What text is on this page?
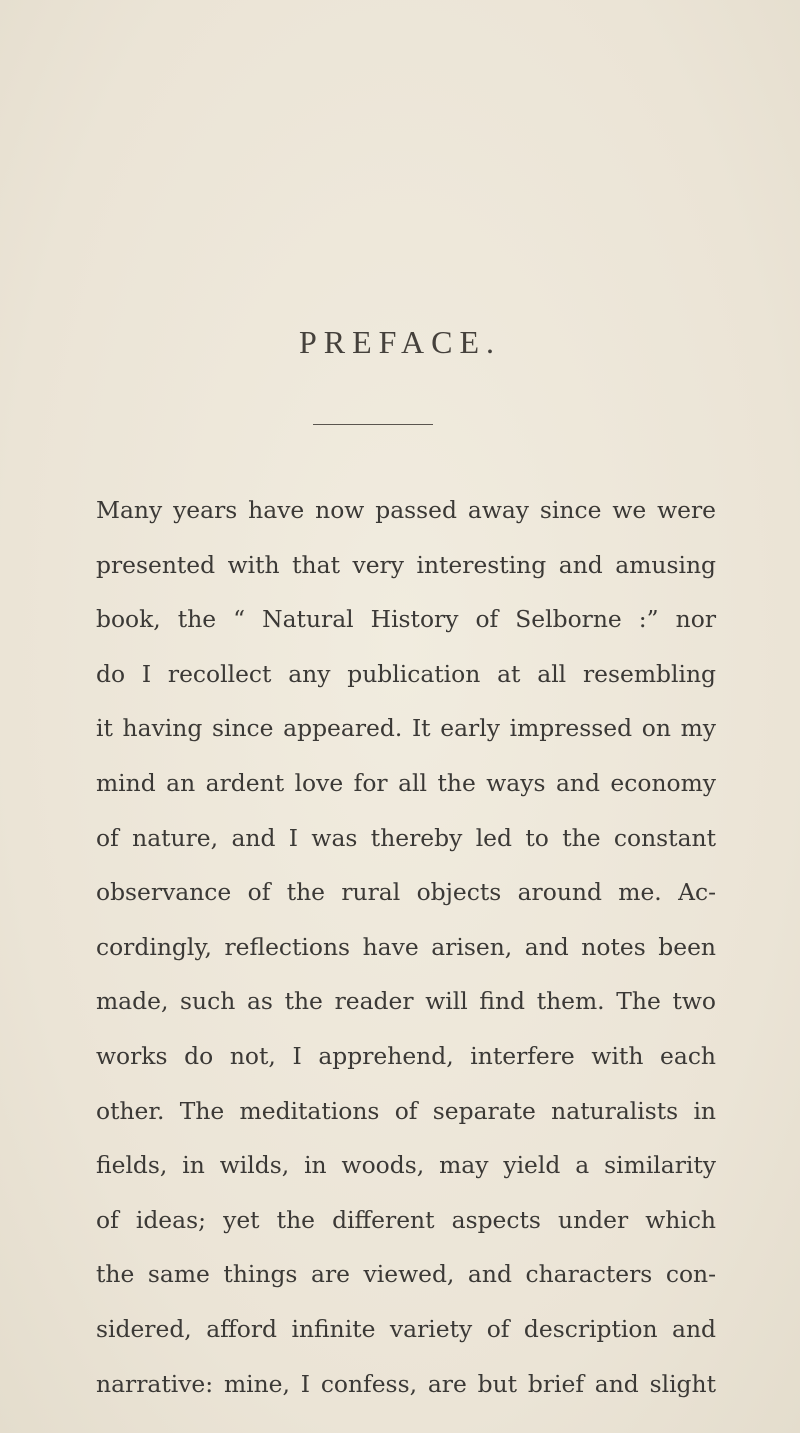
PREFACE.
Many years have now passed away since we were
presented with that very interesting and amusing
book, the “ Natural History of Selborne :” nor
do I recollect any publication at all resembling
it having since appeared. It early impressed on my
mind an ardent love for all the ways and economy
of nature, and I was thereby led to the constant
observance of the rural objects around me. Ac-
cordingly, reflections have arisen, and notes been
made, such as the reader will find them. The two
works do not, I apprehend, interfere with each
other. The meditations of separate naturalists in
fields, in wilds, in woods, may yield a similarity
of ideas; yet the different aspects under which
the same things are viewed, and characters con-
sidered, afford infinite variety of description and
narrative: mine, I confess, are but brief and slight
